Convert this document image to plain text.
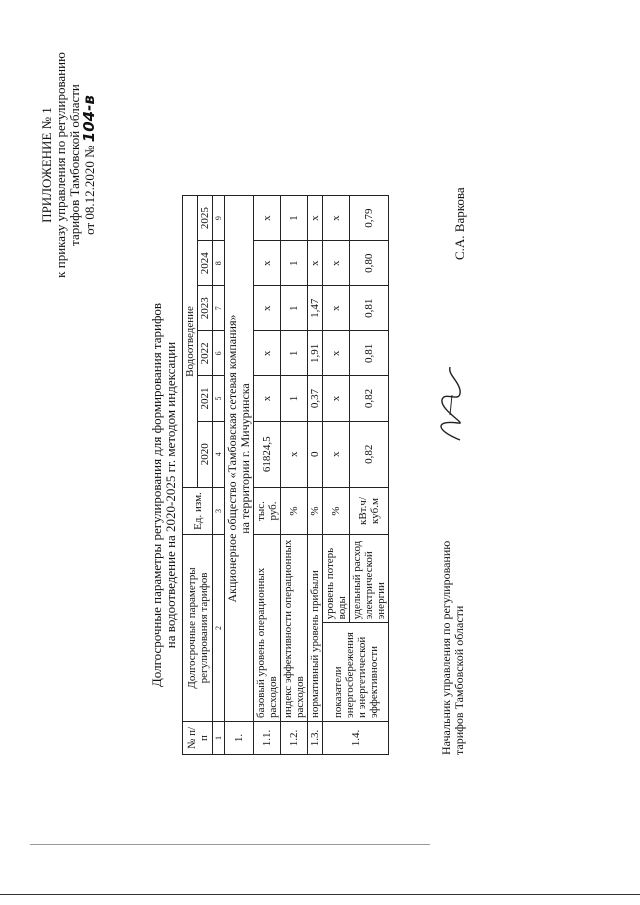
ПРИЛОЖЕНИЕ № 1 к приказу управления по регулированию тарифов Тамбовской области от 08.12.2020 № 104-в
Долгосрочные параметры регулирования для формирования тарифов на водоотведение на 2020-2025 гг. методом индексации
№ п/п	Долгосрочные параметры регулирования тарифов		Ед. изм.	Водоотведение					
				2020	2021	2022	2023	2024	2025
1	2		3	4	5	6	7	8	9
1.	Акционерное общество «Тамбовская сетевая компания» на территории г. Мичуринска								

1.1.	базовый уровень операционных расходов		тыс. руб.	61824,5	х	х	х	х	х
1.2.	индекс эффективности операционных расходов		%	х	1	1	1	1	1
1.3.	нормативный уровень прибыли		%	0	0,37	1,91	1,47	х	х
1.4.	показатели энергосбережения и энергетической эффективности	уровень потерь воды	%	х	х	х	х	х	х
		удельный расход электрической энергии	кВт.ч/куб.м	0,82	0,82	0,81	0,81	0,80	0,79
Начальник управления по регулированию тарифов Тамбовской области
С.А. Варкова
